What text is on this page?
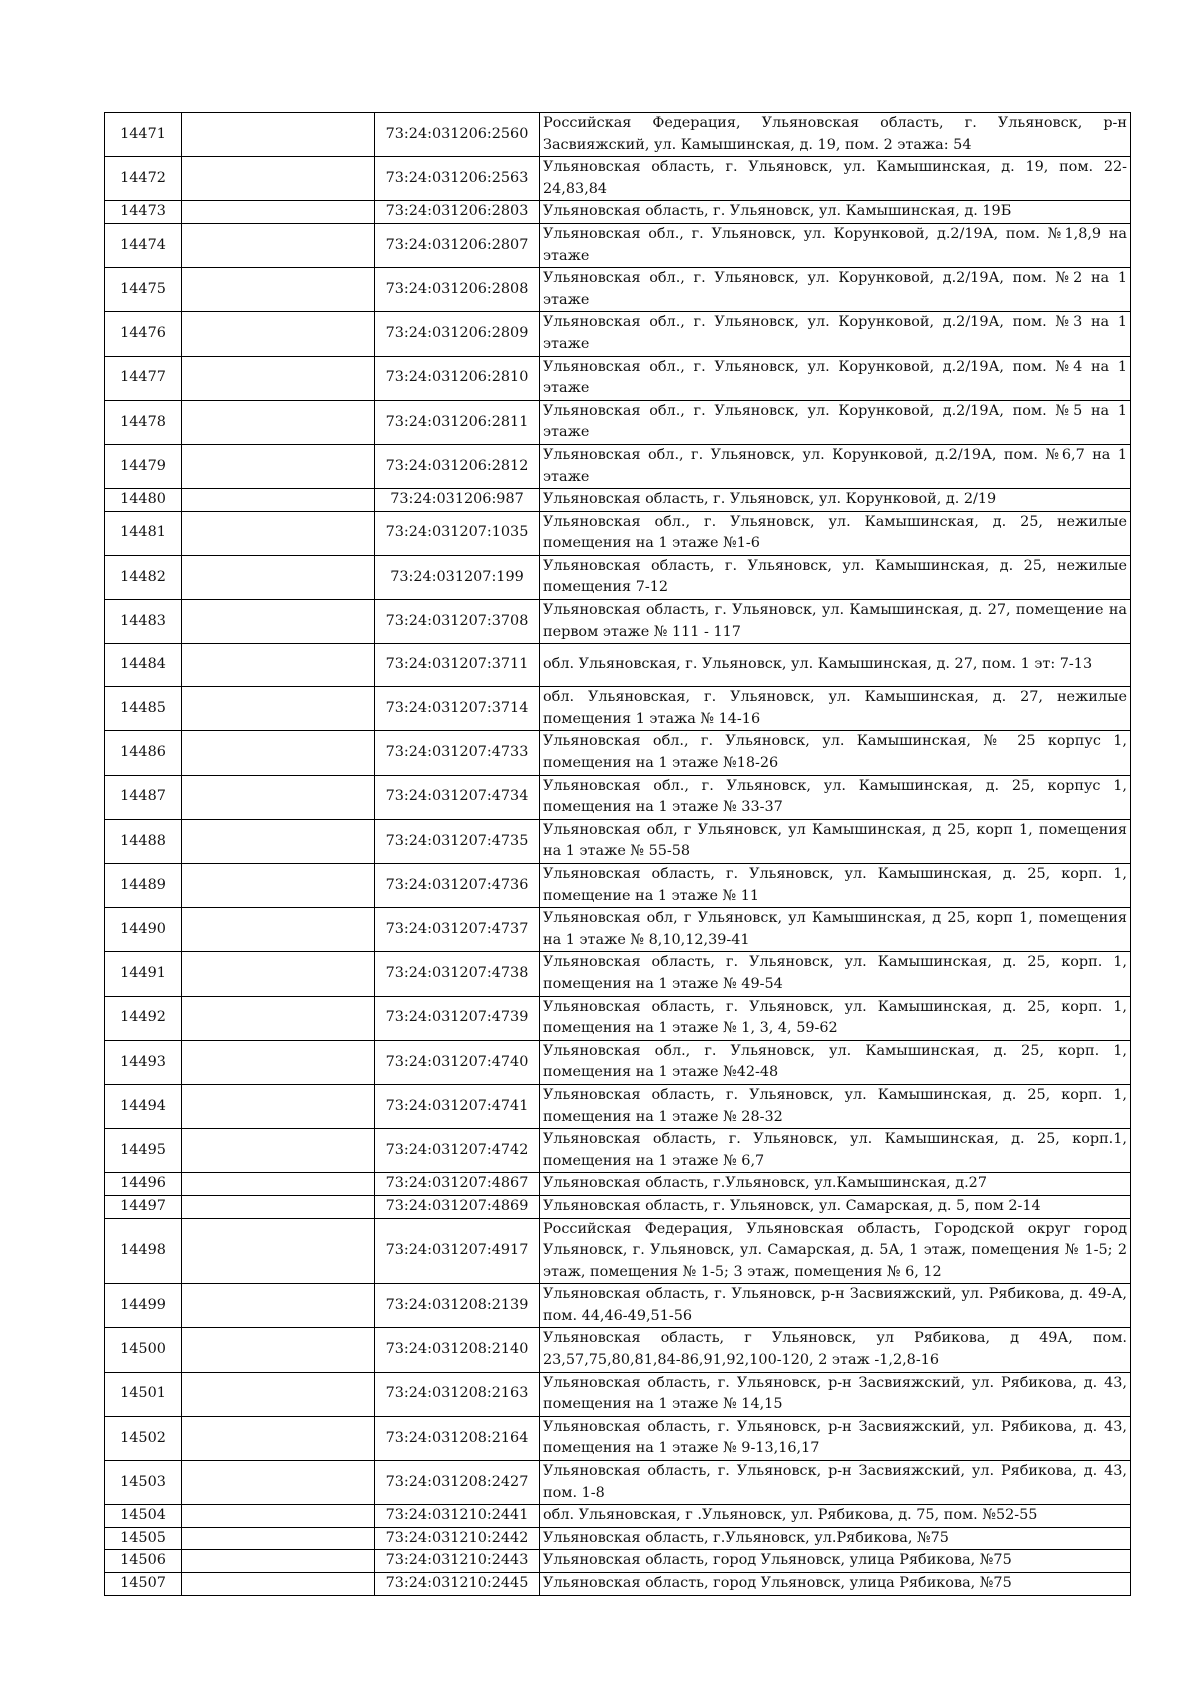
14471		73:24:031206:2560	Российская Федерация, Ульяновская область, г. Ульяновск, р-н Засвияжский, ул. Камышинская, д. 19, пом. 2 этажа: 54
14472		73:24:031206:2563	Ульяновская область, г. Ульяновск, ул. Камышинская, д. 19, пом. 22-24,83,84
14473		73:24:031206:2803	Ульяновская область, г. Ульяновск, ул. Камышинская, д. 19Б
14474		73:24:031206:2807	Ульяновская обл., г. Ульяновск, ул. Корунковой, д.2/19А, пом. №1,8,9 на этаже
14475		73:24:031206:2808	Ульяновская обл., г. Ульяновск, ул. Корунковой, д.2/19А, пом. №2 на 1 этаже
14476		73:24:031206:2809	Ульяновская обл., г. Ульяновск, ул. Корунковой, д.2/19А, пом. №3 на 1 этаже
14477		73:24:031206:2810	Ульяновская обл., г. Ульяновск, ул. Корунковой, д.2/19А, пом. №4 на 1 этаже
14478		73:24:031206:2811	Ульяновская обл., г. Ульяновск, ул. Корунковой, д.2/19А, пом. №5 на 1 этаже
14479		73:24:031206:2812	Ульяновская обл., г. Ульяновск, ул. Корунковой, д.2/19А, пом. №6,7 на 1 этаже
14480		73:24:031206:987	Ульяновская область, г. Ульяновск, ул. Корунковой, д. 2/19
14481		73:24:031207:1035	Ульяновская обл., г. Ульяновск, ул. Камышинская, д. 25, нежилые помещения на 1 этаже №1-6
14482		73:24:031207:199	Ульяновская область, г. Ульяновск, ул. Камышинская, д. 25, нежилые помещения 7-12
14483		73:24:031207:3708	Ульяновская область, г. Ульяновск, ул. Камышинская, д. 27, помещение на первом этаже № 111 - 117
14484		73:24:031207:3711	обл. Ульяновская, г. Ульяновск, ул. Камышинская, д. 27, пом. 1 эт: 7-13
14485		73:24:031207:3714	обл. Ульяновская, г. Ульяновск, ул. Камышинская, д. 27, нежилые помещения 1 этажа № 14-16
14486		73:24:031207:4733	Ульяновская обл., г. Ульяновск, ул. Камышинская, № 25 корпус 1, помещения на 1 этаже №18-26
14487		73:24:031207:4734	Ульяновская обл., г. Ульяновск, ул. Камышинская, д. 25, корпус 1, помещения на 1 этаже № 33-37
14488		73:24:031207:4735	Ульяновская обл, г Ульяновск, ул Камышинская, д 25, корп 1, помещения на 1 этаже № 55-58
14489		73:24:031207:4736	Ульяновская область, г. Ульяновск, ул. Камышинская, д. 25, корп. 1, помещение на 1 этаже № 11
14490		73:24:031207:4737	Ульяновская обл, г Ульяновск, ул Камышинская, д 25, корп 1, помещения на 1 этаже № 8,10,12,39-41
14491		73:24:031207:4738	Ульяновская область, г. Ульяновск, ул. Камышинская, д. 25, корп. 1, помещения на 1 этаже № 49-54
14492		73:24:031207:4739	Ульяновская область, г. Ульяновск, ул. Камышинская, д. 25, корп. 1, помещения на 1 этаже № 1, 3, 4, 59-62
14493		73:24:031207:4740	Ульяновская обл., г. Ульяновск, ул. Камышинская, д. 25, корп. 1, помещения на 1 этаже №42-48
14494		73:24:031207:4741	Ульяновская область, г. Ульяновск, ул. Камышинская, д. 25, корп. 1, помещения на 1 этаже № 28-32
14495		73:24:031207:4742	Ульяновская область, г. Ульяновск, ул. Камышинская, д. 25, корп.1, помещения на 1 этаже № 6,7
14496		73:24:031207:4867	Ульяновская область, г.Ульяновск, ул.Камышинская, д.27
14497		73:24:031207:4869	Ульяновская область, г. Ульяновск, ул. Самарская, д. 5, пом 2-14
14498		73:24:031207:4917	Российская Федерация, Ульяновская область, Городской округ город Ульяновск, г. Ульяновск, ул. Самарская, д. 5А, 1 этаж, помещения № 1-5; 2 этаж, помещения № 1-5; 3 этаж, помещения № 6, 12
14499		73:24:031208:2139	Ульяновская область, г. Ульяновск, р-н Засвияжский, ул. Рябикова, д. 49-А, пом. 44,46-49,51-56
14500		73:24:031208:2140	Ульяновская область, г Ульяновск, ул Рябикова, д 49А, пом. 23,57,75,80,81,84-86,91,92,100-120, 2 этаж -1,2,8-16
14501		73:24:031208:2163	Ульяновская область, г. Ульяновск, р-н Засвияжский, ул. Рябикова, д. 43, помещения на 1 этаже № 14,15
14502		73:24:031208:2164	Ульяновская область, г. Ульяновск, р-н Засвияжский, ул. Рябикова, д. 43, помещения на 1 этаже № 9-13,16,17
14503		73:24:031208:2427	Ульяновская область, г. Ульяновск, р-н Засвияжский, ул. Рябикова, д. 43, пом. 1-8
14504		73:24:031210:2441	обл. Ульяновская, г .Ульяновск, ул. Рябикова, д. 75, пом. №52-55
14505		73:24:031210:2442	Ульяновская область, г.Ульяновск, ул.Рябикова, №75
14506		73:24:031210:2443	Ульяновская область, город Ульяновск, улица Рябикова, №75
14507		73:24:031210:2445	Ульяновская область, город Ульяновск, улица Рябикова, №75
